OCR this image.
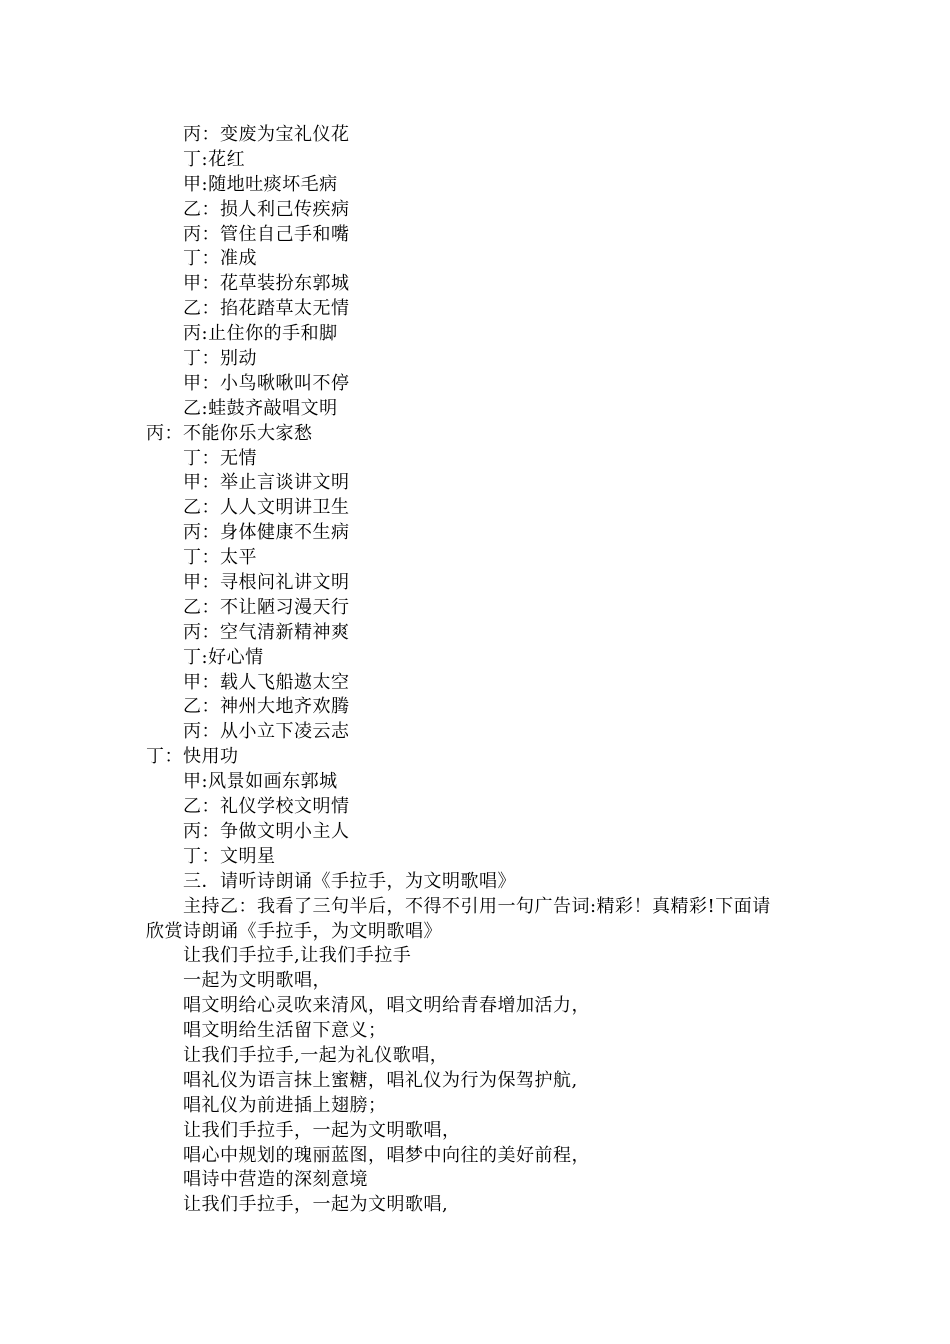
丙：变废为宝礼仪花
丁:花红
甲:随地吐痰坏毛病
乙：损人利己传疾病
丙：管住自己手和嘴
丁：准成
甲：花草装扮东郭城
乙：掐花踏草太无情
丙:止住你的手和脚
丁：别动
甲：小鸟啾啾叫不停
乙:蛙鼓齐敲唱文明
丙：不能你乐大家愁
丁：无情
甲：举止言谈讲文明
乙：人人文明讲卫生
丙：身体健康不生病
丁：太平
甲：寻根问礼讲文明
乙：不让陋习漫天行
丙：空气清新精神爽
丁:好心情
甲：载人飞船遨太空
乙：神州大地齐欢腾
丙：从小立下凌云志
丁：快用功
甲:风景如画东郭城
乙：礼仪学校文明情
丙：争做文明小主人
丁：文明星
三．请听诗朗诵《手拉手，为文明歌唱》
主持乙：我看了三句半后，不得不引用一句广告词:精彩！真精彩!下面请
欣赏诗朗诵《手拉手，为文明歌唱》
让我们手拉手,让我们手拉手
一起为文明歌唱，
唱文明给心灵吹来清风，唱文明给青春增加活力，
唱文明给生活留下意义；
让我们手拉手,一起为礼仪歌唱，
唱礼仪为语言抹上蜜糖，唱礼仪为行为保驾护航,
唱礼仪为前进插上翅膀；
让我们手拉手，一起为文明歌唱，
唱心中规划的瑰丽蓝图，唱梦中向往的美好前程，
唱诗中营造的深刻意境
让我们手拉手，一起为文明歌唱,
